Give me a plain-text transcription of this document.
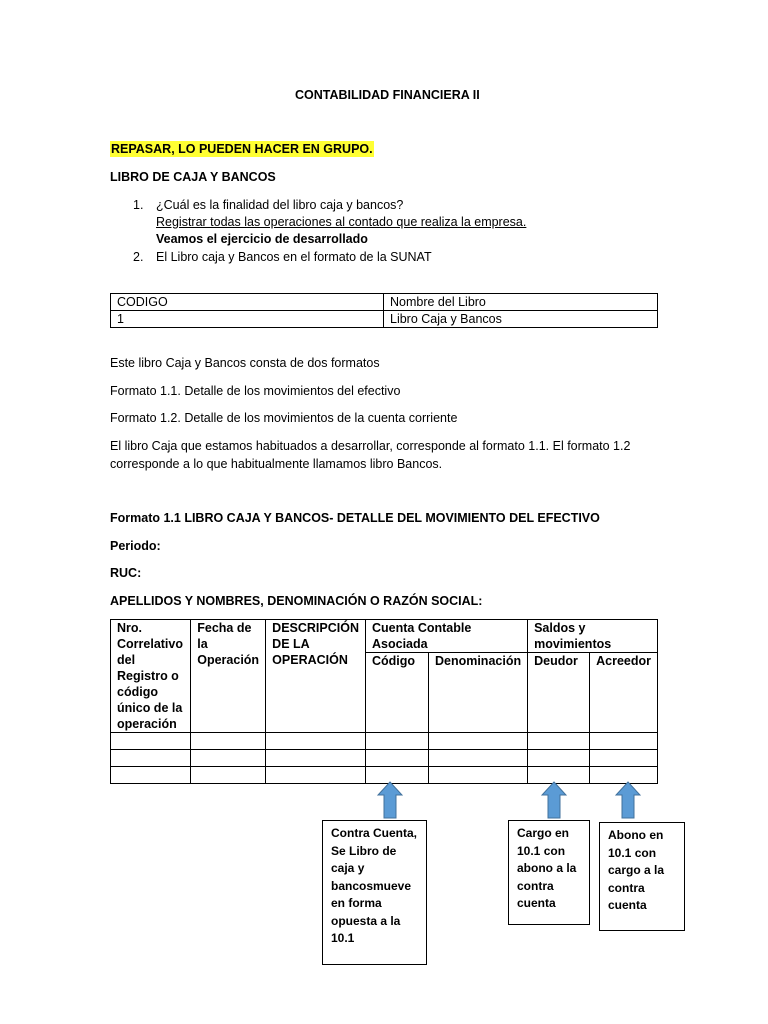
CONTABILIDAD FINANCIERA II
REPASAR, LO PUEDEN HACER EN GRUPO.
LIBRO DE CAJA Y BANCOS
1. ¿Cuál es la finalidad del libro caja y bancos?
Registrar todas las operaciones al contado que realiza la empresa.
Veamos el ejercicio de desarrollado
2. El Libro caja y Bancos en el formato de la SUNAT
CODIGO	Nombre del Libro
1	Libro Caja y Bancos
Este libro Caja y Bancos consta de dos formatos
Formato 1.1. Detalle de los movimientos del efectivo
Formato 1.2. Detalle de los movimientos de la cuenta corriente
El libro Caja que estamos habituados a desarrollar, corresponde al formato 1.1. El formato 1.2
corresponde a lo que habitualmente llamamos libro Bancos.
Formato 1.1 LIBRO CAJA Y BANCOS- DETALLE DEL MOVIMIENTO DEL EFECTIVO
Periodo:
RUC:
APELLIDOS Y NOMBRES, DENOMINACIÓN O RAZÓN SOCIAL:
Nro. Correlativo del Registro o código único de la operación	Fecha de la Operación	DESCRIPCIÓN DE LA OPERACIÓN	Cuenta Contable Asociada		Saldos y movimientos	
			Código	Denominación	Deudor	Acreedor

Contra Cuenta, Se Libro de caja y bancosmueve en forma opuesta a la 10.1
Cargo en 10.1 con abono a la contra cuenta
Abono en 10.1 con cargo a la contra cuenta
